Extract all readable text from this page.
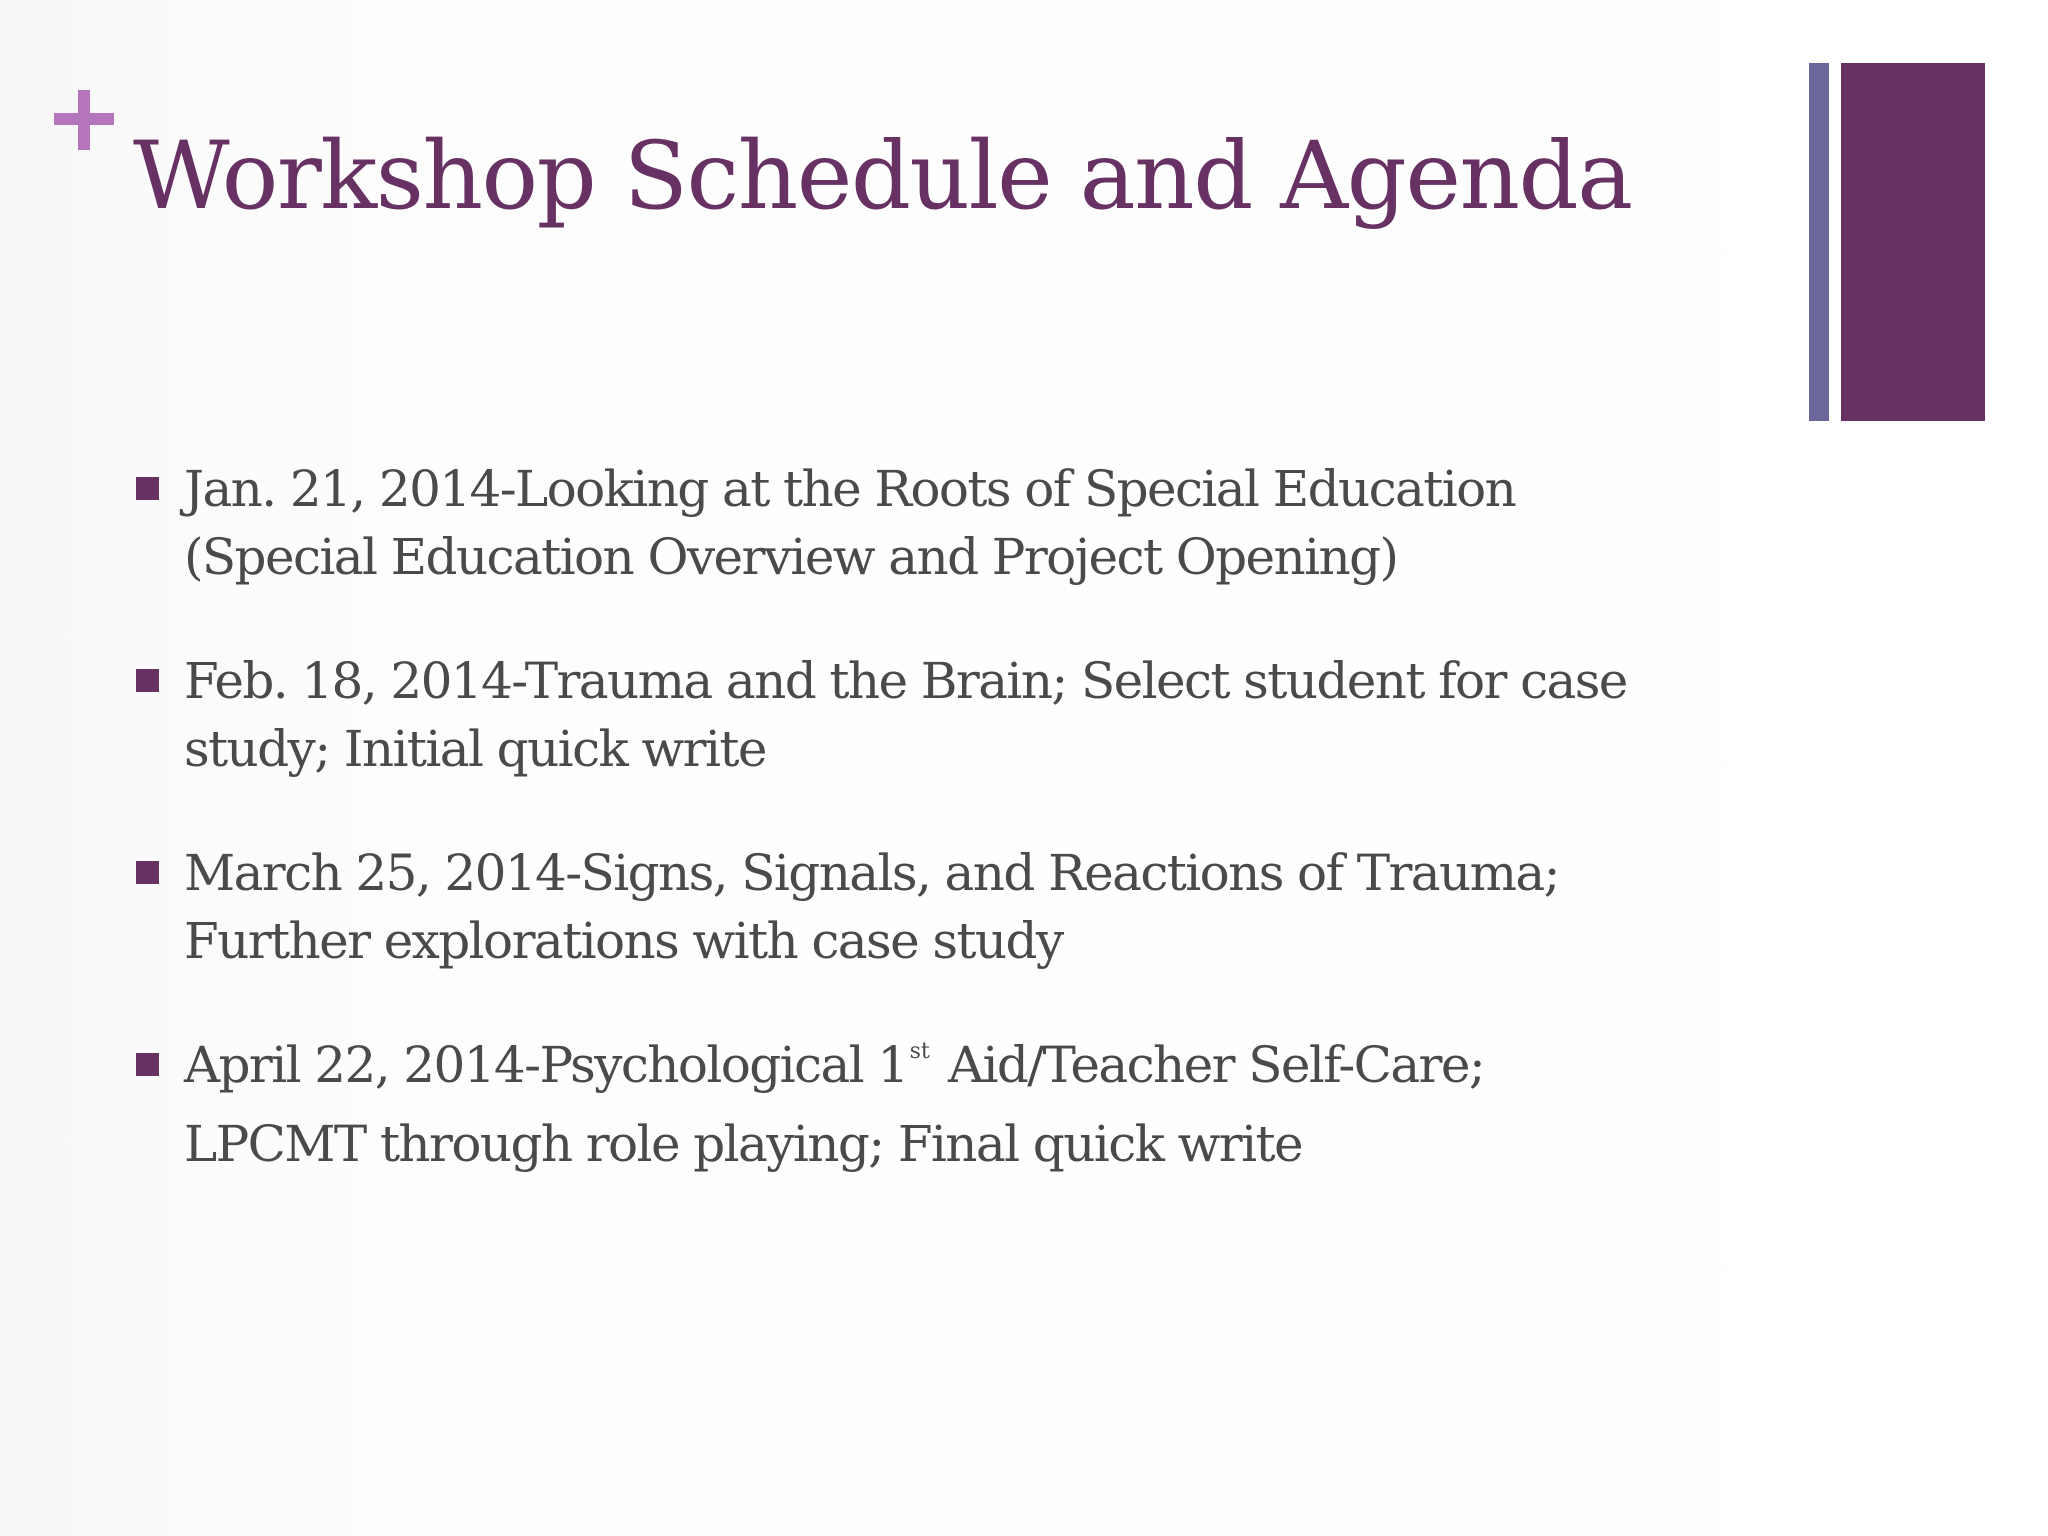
Workshop Schedule and Agenda
Jan. 21, 2014-Looking at the Roots of Special Education
(Special Education Overview and Project Opening)
Feb. 18, 2014-Trauma and the Brain; Select student for case
study; Initial quick write
March 25, 2014-Signs, Signals, and Reactions of Trauma;
Further explorations with case study
April 22, 2014-Psychological 1st Aid/Teacher Self-Care;
LPCMT through role playing; Final quick write
